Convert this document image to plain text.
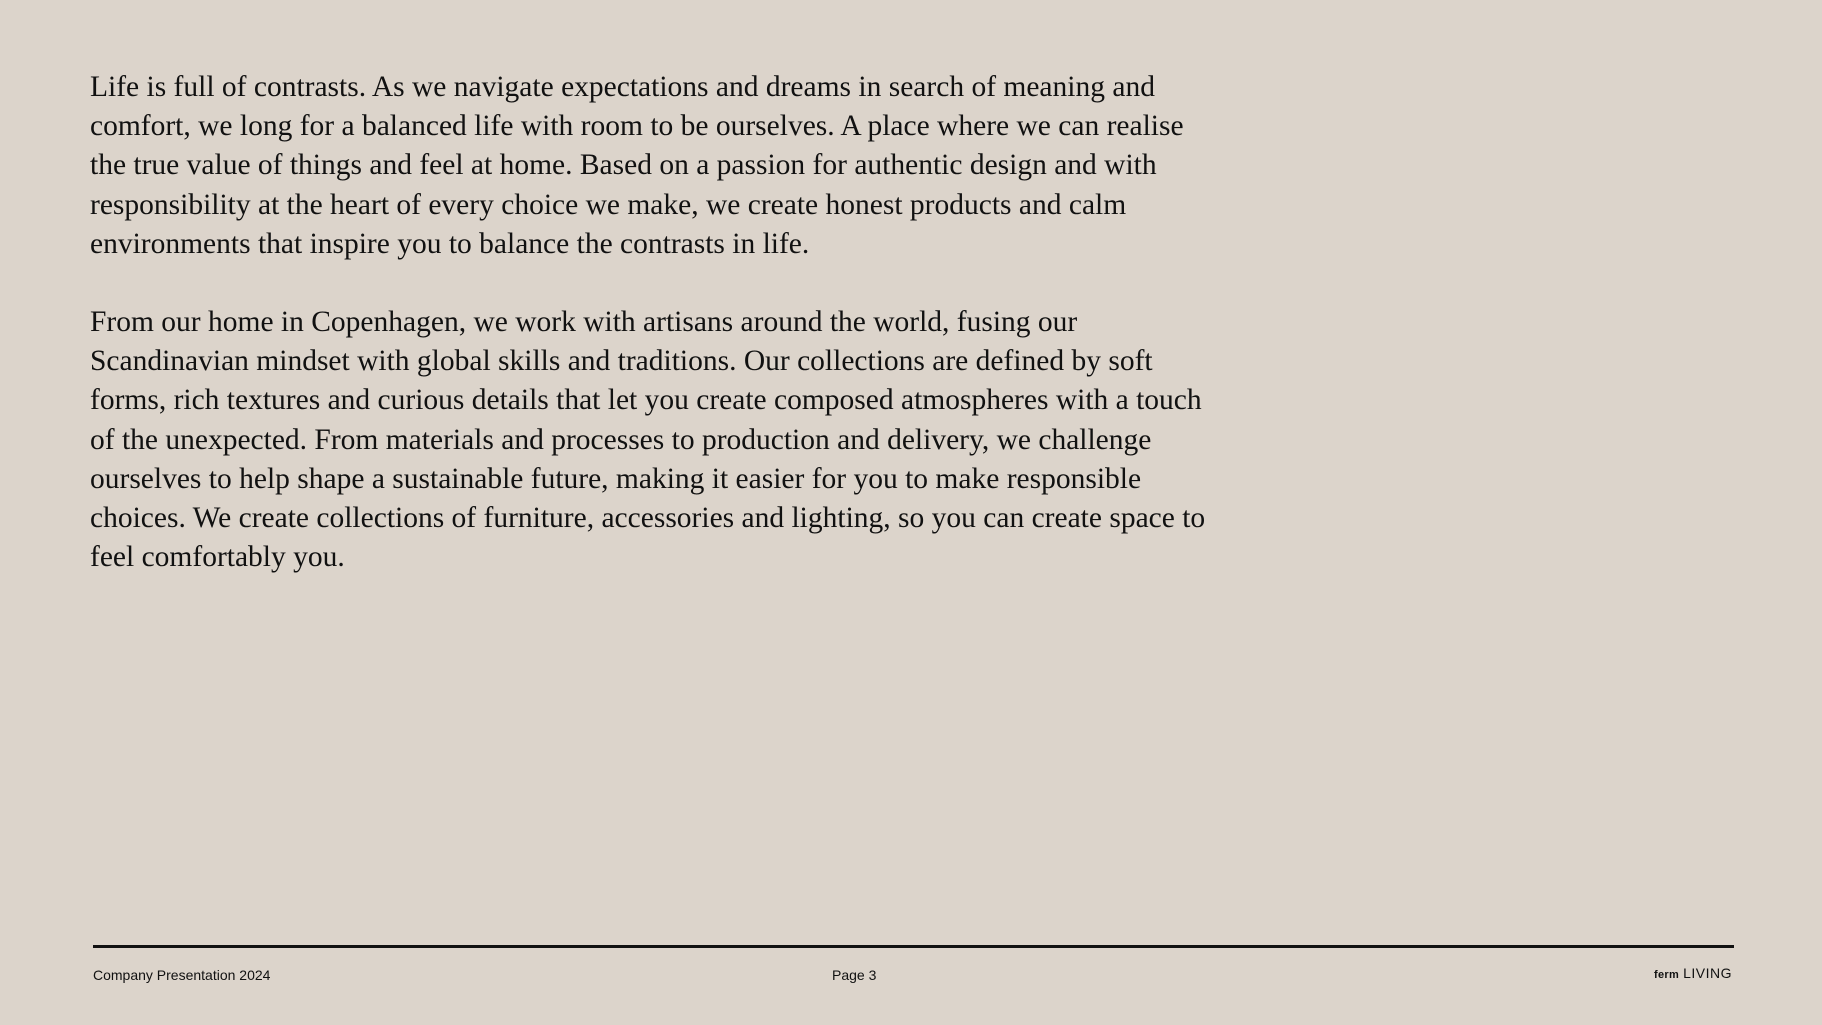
Life is full of contrasts. As we navigate expectations and dreams in search of meaning and comfort, we long for a balanced life with room to be ourselves. A place where we can realise the true value of things and feel at home. Based on a passion for authentic design and with responsibility at the heart of every choice we make, we create honest products and calm environments that inspire you to balance the contrasts in life.

From our home in Copenhagen, we work with artisans around the world, fusing our Scandinavian mindset with global skills and traditions. Our collections are defined by soft forms, rich textures and curious details that let you create composed atmospheres with a touch of the unexpected. From materials and processes to production and delivery, we challenge ourselves to help shape a sustainable future, making it easier for you to make responsible choices. We create collections of furniture, accessories and lighting, so you can create space to feel comfortably you.

Company Presentation 2024	Page 3	ferm LIVING
